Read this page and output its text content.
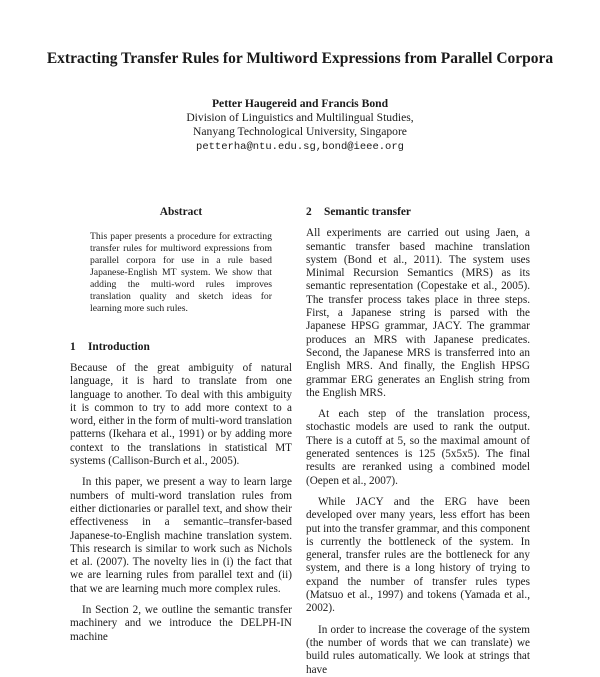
Extracting Transfer Rules for Multiword Expressions from Parallel Corpora
Petter Haugereid and Francis Bond
Division of Linguistics and Multilingual Studies,
Nanyang Technological University, Singapore
petterha@ntu.edu.sg,bond@ieee.org
Abstract
This paper presents a procedure for extracting transfer rules for multiword expressions from parallel corpora for use in a rule based Japanese-English MT system. We show that adding the multi-word rules improves translation quality and sketch ideas for learning more such rules.
1 Introduction

Because of the great ambiguity of natural language, it is hard to translate from one language to another. To deal with this ambiguity it is common to try to add more context to a word, either in the form of multi-word translation patterns (Ikehara et al., 1991) or by adding more context to the translations in statistical MT systems (Callison-Burch et al., 2005).

In this paper, we present a way to learn large numbers of multi-word translation rules from either dictionaries or parallel text, and show their effectiveness in a semantic–transfer-based Japanese-to-English machine translation system. This research is similar to work such as Nichols et al. (2007). The novelty lies in (i) the fact that we are learning rules from parallel text and (ii) that we are learning much more complex rules.

In Section 2, we outline the semantic transfer machinery and we introduce the DELPH-IN machine

2 Semantic transfer

All experiments are carried out using Jaen, a semantic transfer based machine translation system (Bond et al., 2011). The system uses Minimal Recursion Semantics (MRS) as its semantic representation (Copestake et al., 2005). The transfer process takes place in three steps. First, a Japanese string is parsed with the Japanese HPSG grammar, JACY. The grammar produces an MRS with Japanese predicates. Second, the Japanese MRS is transferred into an English MRS. And finally, the English HPSG grammar ERG generates an English string from the English MRS.

At each step of the translation process, stochastic models are used to rank the output. There is a cutoff at 5, so the maximal amount of generated sentences is 125 (5x5x5). The final results are reranked using a combined model (Oepen et al., 2007).

While JACY and the ERG have been developed over many years, less effort has been put into the transfer grammar, and this component is currently the bottleneck of the system. In general, transfer rules are the bottleneck for any system, and there is a long history of trying to expand the number of transfer rules types (Matsuo et al., 1997) and tokens (Yamada et al., 2002).

In order to increase the coverage of the system (the number of words that we can translate) we build rules automatically. We look at strings that have
